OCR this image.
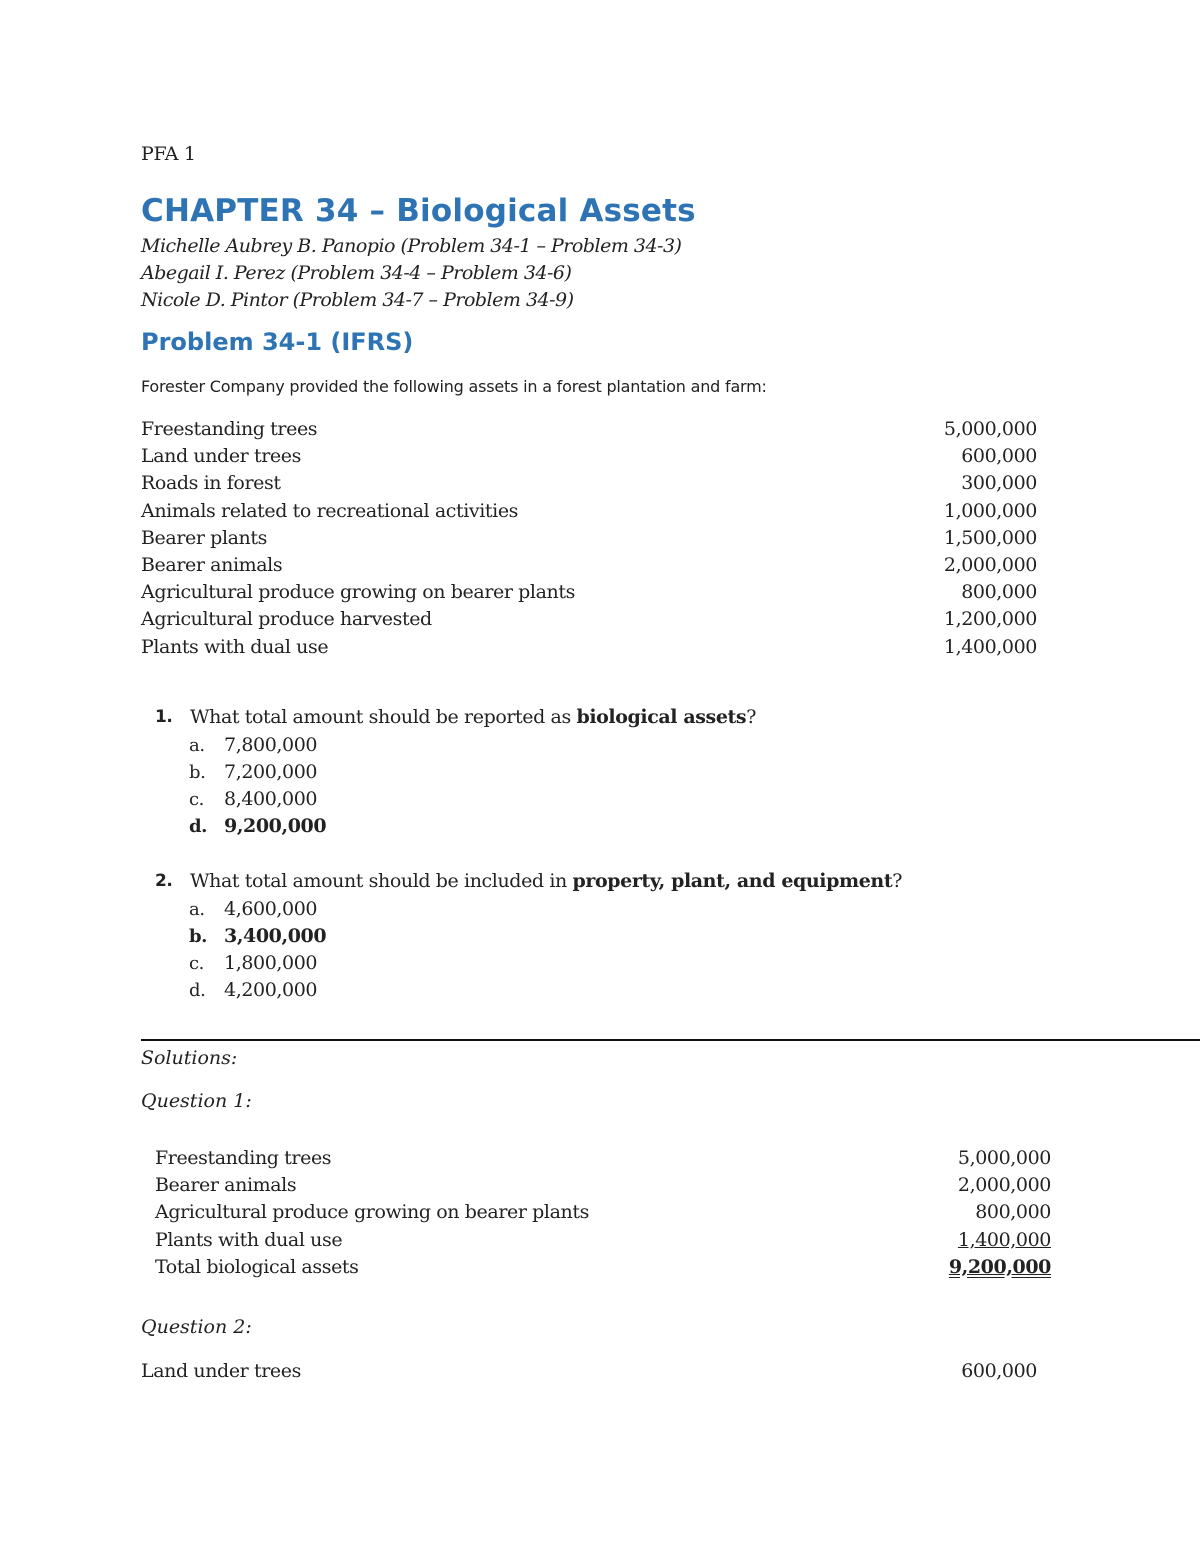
PFA 1
CHAPTER 34 – Biological Assets
Michelle Aubrey B. Panopio (Problem 34-1 – Problem 34-3)
Abegail I. Perez (Problem 34-4 – Problem 34-6)
Nicole D. Pintor (Problem 34-7 – Problem 34-9)
Problem 34-1 (IFRS)
Forester Company provided the following assets in a forest plantation and farm:
Freestanding trees	5,000,000
Land under trees	600,000
Roads in forest	300,000
Animals related to recreational activities	1,000,000
Bearer plants	1,500,000
Bearer animals	2,000,000
Agricultural produce growing on bearer plants	800,000
Agricultural produce harvested	1,200,000
Plants with dual use	1,400,000
1. What total amount should be reported as biological assets?
a.	7,800,000
b. 7,200,000
c.	8,400,000
d. 9,200,000
2. What total amount should be included in property, plant, and equipment?
a.	4,600,000
b. 3,400,000
c.	1,800,000
d. 4,200,000
Solutions:
Question 1:
Freestanding trees	5,000,000
Bearer animals	2,000,000
Agricultural produce growing on bearer plants	800,000
Plants with dual use	1,400,000
Total biological assets	9,200,000
Question 2:
Land under trees	600,000
